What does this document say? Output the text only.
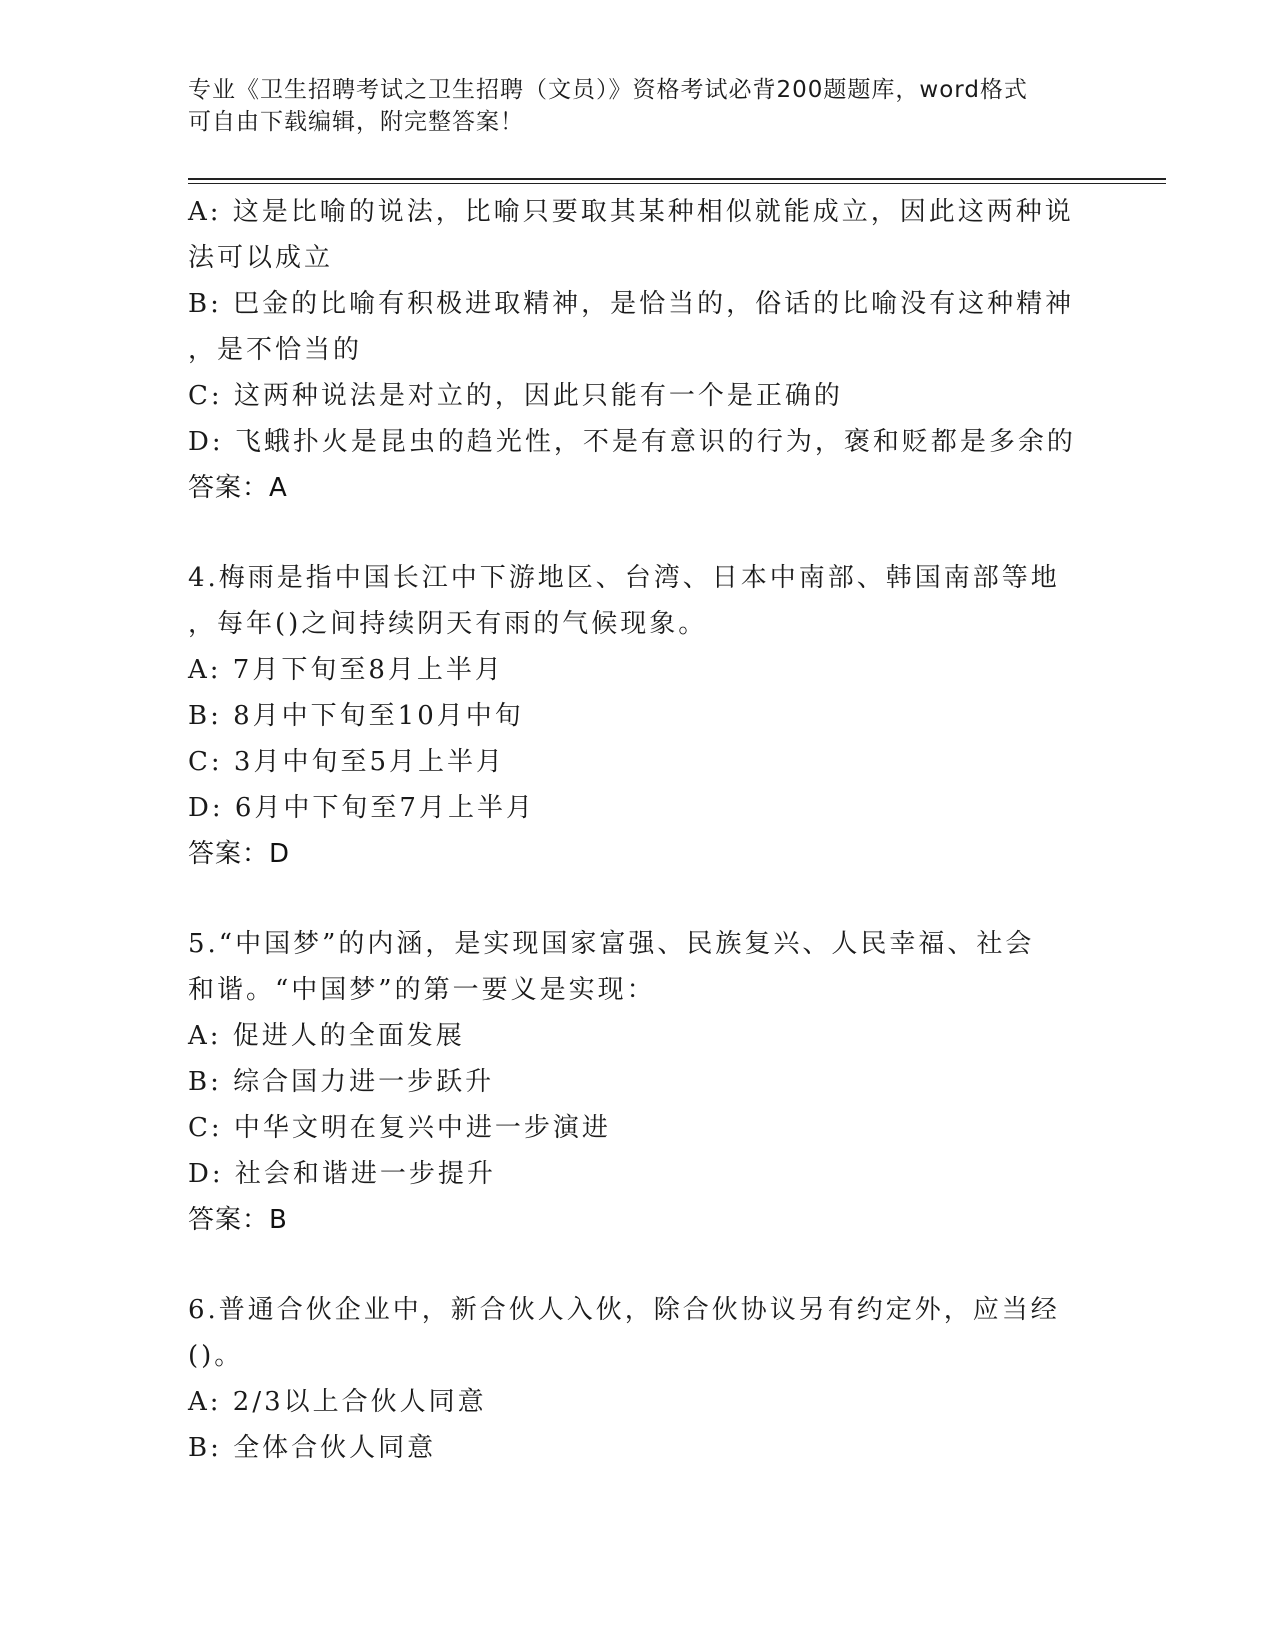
专业《卫生招聘考试之卫生招聘（文员）》资格考试必背200题题库，word格式
可自由下载编辑，附完整答案！
A: 这是比喻的说法，比喻只要取其某种相似就能成立，因此这两种说
法可以成立
B: 巴金的比喻有积极进取精神，是恰当的，俗话的比喻没有这种精神
，是不恰当的
C: 这两种说法是对立的，因此只能有一个是正确的
D: 飞蛾扑火是昆虫的趋光性，不是有意识的行为，褒和贬都是多余的
答案：A
4.梅雨是指中国长江中下游地区、台湾、日本中南部、韩国南部等地
，每年()之间持续阴天有雨的气候现象。
A: 7月下旬至8月上半月
B: 8月中下旬至10月中旬
C: 3月中旬至5月上半月
D: 6月中下旬至7月上半月
答案：D
5.“中国梦”的内涵，是实现国家富强、民族复兴、人民幸福、社会
和谐。“中国梦”的第一要义是实现：
A: 促进人的全面发展
B: 综合国力进一步跃升
C: 中华文明在复兴中进一步演进
D: 社会和谐进一步提升
答案：B
6.普通合伙企业中，新合伙人入伙，除合伙协议另有约定外，应当经
()。
A: 2/3以上合伙人同意
B: 全体合伙人同意
